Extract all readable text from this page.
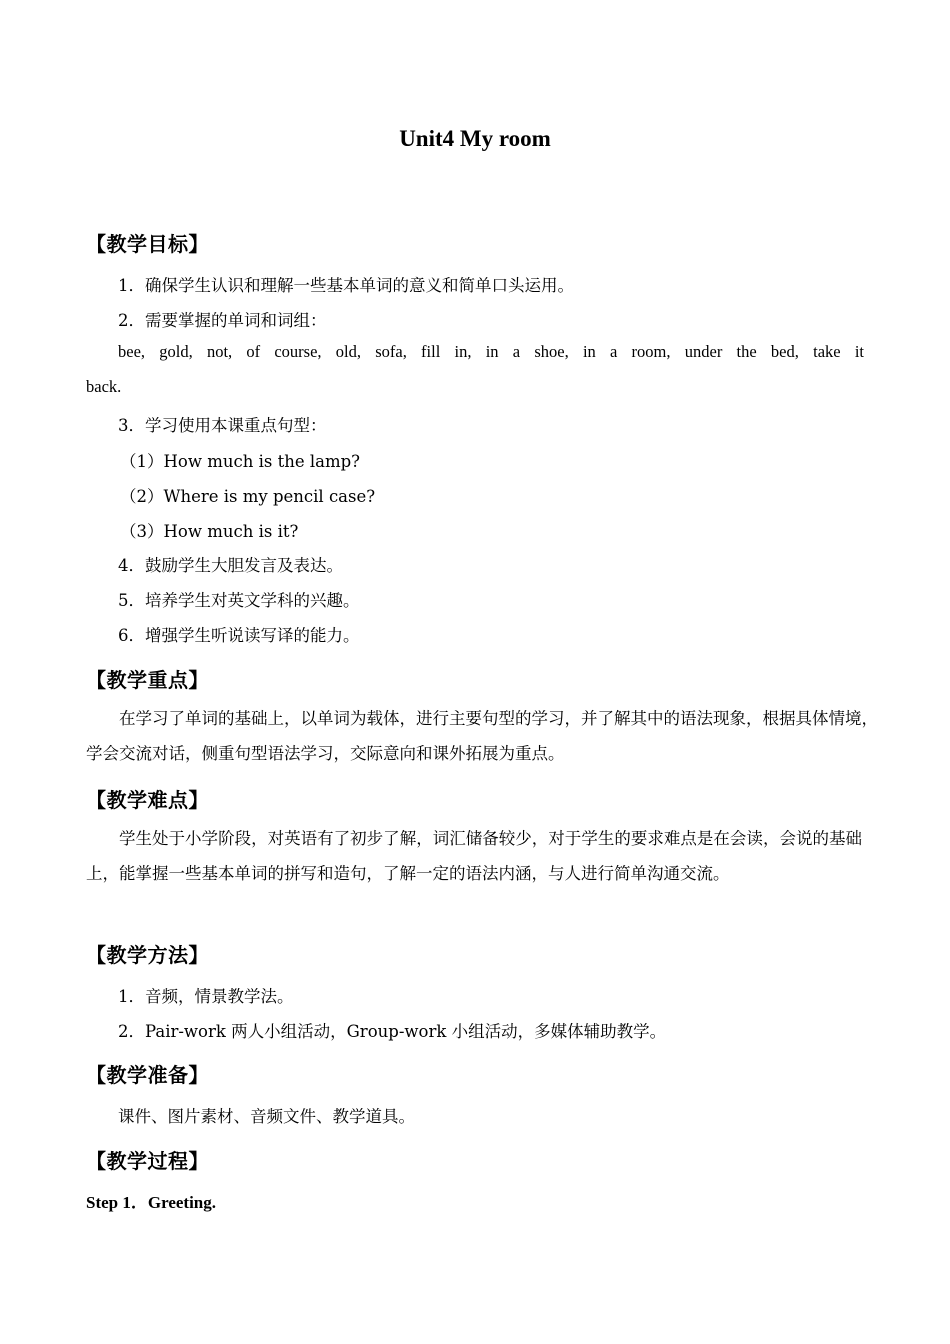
Unit4 My room
【教学目标】
1．确保学生认识和理解一些基本单词的意义和简单口头运用。
2．需要掌握的单词和词组：
bee, gold, not, of course, old, sofa, fill in, in a shoe, in a room, under the bed, take it
back.
3．学习使用本课重点句型：
（1）How much is the lamp?
（2）Where is my pencil case?
（3）How much is it?
4．鼓励学生大胆发言及表达。
5．培养学生对英文学科的兴趣。
6．增强学生听说读写译的能力。
【教学重点】
在学习了单词的基础上，以单词为载体，进行主要句型的学习，并了解其中的语法现象，根据具体情境，学会交流对话，侧重句型语法学习，交际意向和课外拓展为重点。
【教学难点】
学生处于小学阶段，对英语有了初步了解，词汇储备较少，对于学生的要求难点是在会读，会说的基础上，能掌握一些基本单词的拼写和造句，了解一定的语法内涵，与人进行简单沟通交流。
【教学方法】
1．音频，情景教学法。
2．Pair-work 两人小组活动，Group-work 小组活动，多媒体辅助教学。
【教学准备】
课件、图片素材、音频文件、教学道具。
【教学过程】
Step 1．Greeting.
